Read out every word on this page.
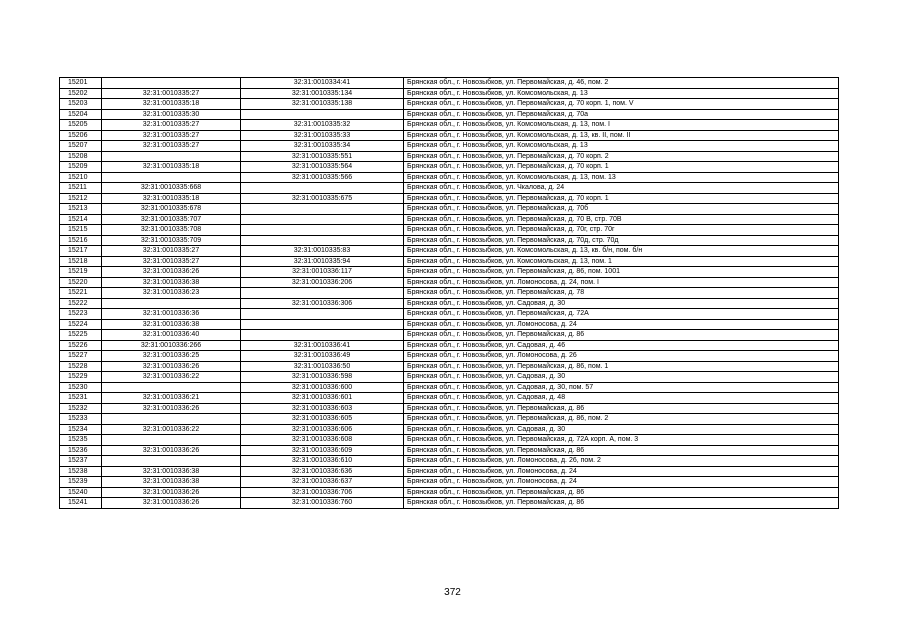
15201		32:31:0010334:41	Брянская обл., г. Новозыбков, ул. Первомайская, д. 46, пом. 2
15202	32:31:0010335:27	32:31:0010335:134	Брянская обл., г. Новозыбков, ул. Комсомольская, д. 13
15203	32:31:0010335:18	32:31:0010335:138	Брянская обл., г. Новозыбков, ул. Первомайская, д. 70 корп. 1, пом. V
15204	32:31:0010335:30		Брянская обл., г. Новозыбков, ул. Первомайская, д. 70а
15205	32:31:0010335:27	32:31:0010335:32	Брянская обл., г. Новозыбков, ул. Комсомольская, д. 13, пом. I
15206	32:31:0010335:27	32:31:0010335:33	Брянская обл., г. Новозыбков, ул. Комсомольская, д. 13, кв. II, пом. II
15207	32:31:0010335:27	32:31:0010335:34	Брянская обл., г. Новозыбков, ул. Комсомольская, д. 13
15208		32:31:0010335:551	Брянская обл., г. Новозыбков, ул. Первомайская, д. 70 корп. 2
15209	32:31:0010335:18	32:31:0010335:564	Брянская обл., г. Новозыбков, ул. Первомайская, д. 70 корп. 1
15210		32:31:0010335:566	Брянская обл., г. Новозыбков, ул. Комсомольская, д. 13, пом. 13
15211	32:31:0010335:668		Брянская обл., г. Новозыбков, ул. Чкалова, д. 24
15212	32:31:0010335:18	32:31:0010335:675	Брянская обл., г. Новозыбков, ул. Первомайская, д. 70 корп. 1
15213	32:31:0010335:678		Брянская обл., г. Новозыбков, ул. Первомайская, д. 70б
15214	32:31:0010335:707		Брянская обл., г. Новозыбков, ул. Первомайская, д. 70 В, стр. 70В
15215	32:31:0010335:708		Брянская обл., г. Новозыбков, ул. Первомайская, д. 70г, стр. 70г
15216	32:31:0010335:709		Брянская обл., г. Новозыбков, ул. Первомайская, д. 70д, стр. 70д
15217	32:31:0010335:27	32:31:0010335:83	Брянская обл., г. Новозыбков, ул. Комсомольская, д. 13, кв. б/н, пом. б/н
15218	32:31:0010335:27	32:31:0010335:94	Брянская обл., г. Новозыбков, ул. Комсомольская, д. 13, пом. 1
15219	32:31:0010336:26	32:31:0010336:117	Брянская обл., г. Новозыбков, ул. Первомайская, д. 86, пом. 1001
15220	32:31:0010336:38	32:31:0010336:206	Брянская обл., г. Новозыбков, ул. Ломоносова, д. 24, пом. I
15221	32:31:0010336:23		Брянская обл., г. Новозыбков, ул. Первомайская, д. 78
15222		32:31:0010336:306	Брянская обл., г. Новозыбков, ул. Садовая, д. 30
15223	32:31:0010336:36		Брянская обл., г. Новозыбков, ул. Первомайская, д. 72А
15224	32:31:0010336:38		Брянская обл., г. Новозыбков, ул. Ломоносова, д. 24
15225	32:31:0010336:40		Брянская обл., г. Новозыбков, ул. Первомайская, д. 86
15226	32:31:0010336:266	32:31:0010336:41	Брянская обл., г. Новозыбков, ул. Садовая, д. 46
15227	32:31:0010336:25	32:31:0010336:49	Брянская обл., г. Новозыбков, ул. Ломоносова, д. 26
15228	32:31:0010336:26	32:31:0010336:50	Брянская обл., г. Новозыбков, ул. Первомайская, д. 86, пом. 1
15229	32:31:0010336:22	32:31:0010336:598	Брянская обл., г. Новозыбков, ул. Садовая, д. 30
15230		32:31:0010336:600	Брянская обл., г. Новозыбков, ул. Садовая, д. 30, пом. 57
15231	32:31:0010336:21	32:31:0010336:601	Брянская обл., г. Новозыбков, ул. Садовая, д. 48
15232	32:31:0010336:26	32:31:0010336:603	Брянская обл., г. Новозыбков, ул. Первомайская, д. 86
15233		32:31:0010336:605	Брянская обл., г. Новозыбков, ул. Первомайская, д. 86, пом. 2
15234	32:31:0010336:22	32:31:0010336:606	Брянская обл., г. Новозыбков, ул. Садовая, д. 30
15235		32:31:0010336:608	Брянская обл., г. Новозыбков, ул. Первомайская, д. 72А корп. А, пом. 3
15236	32:31:0010336:26	32:31:0010336:609	Брянская обл., г. Новозыбков, ул. Первомайская, д. 86
15237		32:31:0010336:610	Брянская обл., г. Новозыбков, ул. Ломоносова, д. 26, пом. 2
15238	32:31:0010336:38	32:31:0010336:636	Брянская обл., г. Новозыбков, ул. Ломоносова, д. 24
15239	32:31:0010336:38	32:31:0010336:637	Брянская обл., г. Новозыбков, ул. Ломоносова, д. 24
15240	32:31:0010336:26	32:31:0010336:706	Брянская обл., г. Новозыбков, ул. Первомайская, д. 86
15241	32:31:0010336:26	32:31:0010336:760	Брянская обл., г. Новозыбков, ул. Первомайская, д. 86
372
